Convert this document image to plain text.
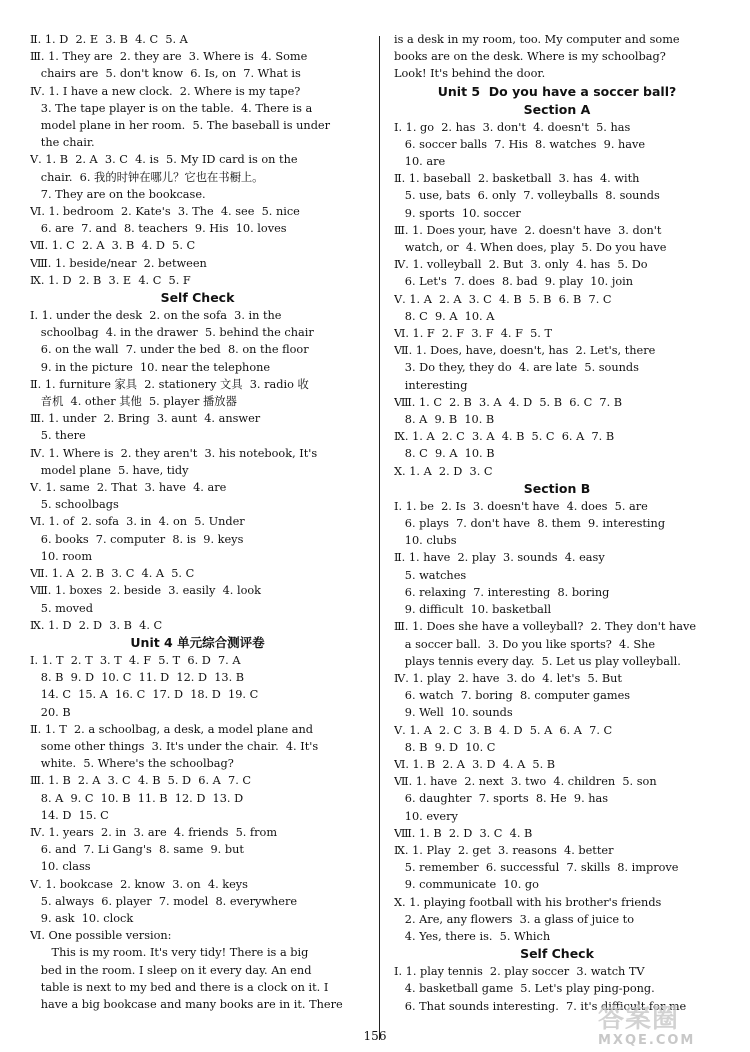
Ⅱ. 1. D  2. E  3. B  4. C  5. A
Ⅲ. 1. They are  2. they are  3. Where is  4. Some
chairs are  5. don't know  6. Is, on  7. What is
Ⅳ. 1. I have a new clock.  2. Where is my tape?
3. The tape player is on the table.  4. There is a
model plane in her room.  5. The baseball is under
the chair.
Ⅴ. 1. B  2. A  3. C  4. is  5. My ID card is on the
chair.  6. 我的时钟在哪儿？它也在书橱上。
7. They are on the bookcase.
Ⅵ. 1. bedroom  2. Kate's  3. The  4. see  5. nice
6. are  7. and  8. teachers  9. His  10. loves
Ⅶ. 1. C  2. A  3. B  4. D  5. C
Ⅷ. 1. beside/near  2. between
Ⅸ. 1. D  2. B  3. E  4. C  5. F
Self Check
Ⅰ. 1. under the desk  2. on the sofa  3. in the
schoolbag  4. in the drawer  5. behind the chair
6. on the wall  7. under the bed  8. on the floor
9. in the picture  10. near the telephone
Ⅱ. 1. furniture 家具  2. stationery 文具  3. radio 收
音机  4. other 其他  5. player 播放器
Ⅲ. 1. under  2. Bring  3. aunt  4. answer
5. there
Ⅳ. 1. Where is  2. they aren't  3. his notebook, It's
model plane  5. have, tidy
Ⅴ. 1. same  2. That  3. have  4. are
5. schoolbags
Ⅵ. 1. of  2. sofa  3. in  4. on  5. Under
6. books  7. computer  8. is  9. keys
10. room
Ⅶ. 1. A  2. B  3. C  4. A  5. C
Ⅷ. 1. boxes  2. beside  3. easily  4. look
5. moved
Ⅸ. 1. D  2. D  3. B  4. C
Unit 4 单元综合测评卷
Ⅰ. 1. T  2. T  3. T  4. F  5. T  6. D  7. A
8. B  9. D  10. C  11. D  12. D  13. B
14. C  15. A  16. C  17. D  18. D  19. C
20. B
Ⅱ. 1. T  2. a schoolbag, a desk, a model plane and
some other things  3. It's under the chair.  4. It's
white.  5. Where's the schoolbag?
Ⅲ. 1. B  2. A  3. C  4. B  5. D  6. A  7. C
8. A  9. C  10. B  11. B  12. D  13. D
14. D  15. C
Ⅳ. 1. years  2. in  3. are  4. friends  5. from
6. and  7. Li Gang's  8. same  9. but
10. class
Ⅴ. 1. bookcase  2. know  3. on  4. keys
5. always  6. player  7. model  8. everywhere
9. ask  10. clock
Ⅵ. One possible version:
This is my room. It's very tidy! There is a big
bed in the room. I sleep on it every day. An end
table is next to my bed and there is a clock on it. I
have a big bookcase and many books are in it. There
is a desk in my room, too. My computer and some
books are on the desk. Where is my schoolbag?
Look! It's behind the door.
Unit 5  Do you have a soccer ball?
Section A
Ⅰ. 1. go  2. has  3. don't  4. doesn't  5. has
6. soccer balls  7. His  8. watches  9. have
10. are
Ⅱ. 1. baseball  2. basketball  3. has  4. with
5. use, bats  6. only  7. volleyballs  8. sounds
9. sports  10. soccer
Ⅲ. 1. Does your, have  2. doesn't have  3. don't
watch, or  4. When does, play  5. Do you have
Ⅳ. 1. volleyball  2. But  3. only  4. has  5. Do
6. Let's  7. does  8. bad  9. play  10. join
Ⅴ. 1. A  2. A  3. C  4. B  5. B  6. B  7. C
8. C  9. A  10. A
Ⅵ. 1. F  2. F  3. F  4. F  5. T
Ⅶ. 1. Does, have, doesn't, has  2. Let's, there
3. Do they, they do  4. are late  5. sounds
interesting
Ⅷ. 1. C  2. B  3. A  4. D  5. B  6. C  7. B
8. A  9. B  10. B
Ⅸ. 1. A  2. C  3. A  4. B  5. C  6. A  7. B
8. C  9. A  10. B
Ⅹ. 1. A  2. D  3. C
Section B
Ⅰ. 1. be  2. Is  3. doesn't have  4. does  5. are
6. plays  7. don't have  8. them  9. interesting
10. clubs
Ⅱ. 1. have  2. play  3. sounds  4. easy
5. watches
6. relaxing  7. interesting  8. boring
9. difficult  10. basketball
Ⅲ. 1. Does she have a volleyball?  2. They don't have
a soccer ball.  3. Do you like sports?  4. She
plays tennis every day.  5. Let us play volleyball.
Ⅳ. 1. play  2. have  3. do  4. let's  5. But
6. watch  7. boring  8. computer games
9. Well  10. sounds
Ⅴ. 1. A  2. C  3. B  4. D  5. A  6. A  7. C
8. B  9. D  10. C
Ⅵ. 1. B  2. A  3. D  4. A  5. B
Ⅶ. 1. have  2. next  3. two  4. children  5. son
6. daughter  7. sports  8. He  9. has
10. every
Ⅷ. 1. B  2. D  3. C  4. B
Ⅸ. 1. Play  2. get  3. reasons  4. better
5. remember  6. successful  7. skills  8. improve
9. communicate  10. go
Ⅹ. 1. playing football with his brother's friends
2. Are, any flowers  3. a glass of juice to
4. Yes, there is.  5. Which
Self Check
Ⅰ. 1. play tennis  2. play soccer  3. watch TV
4. basketball game  5. Let's play ping-pong.
6. That sounds interesting.  7. it's difficult for me
156
答案圈
MXQE.COM
